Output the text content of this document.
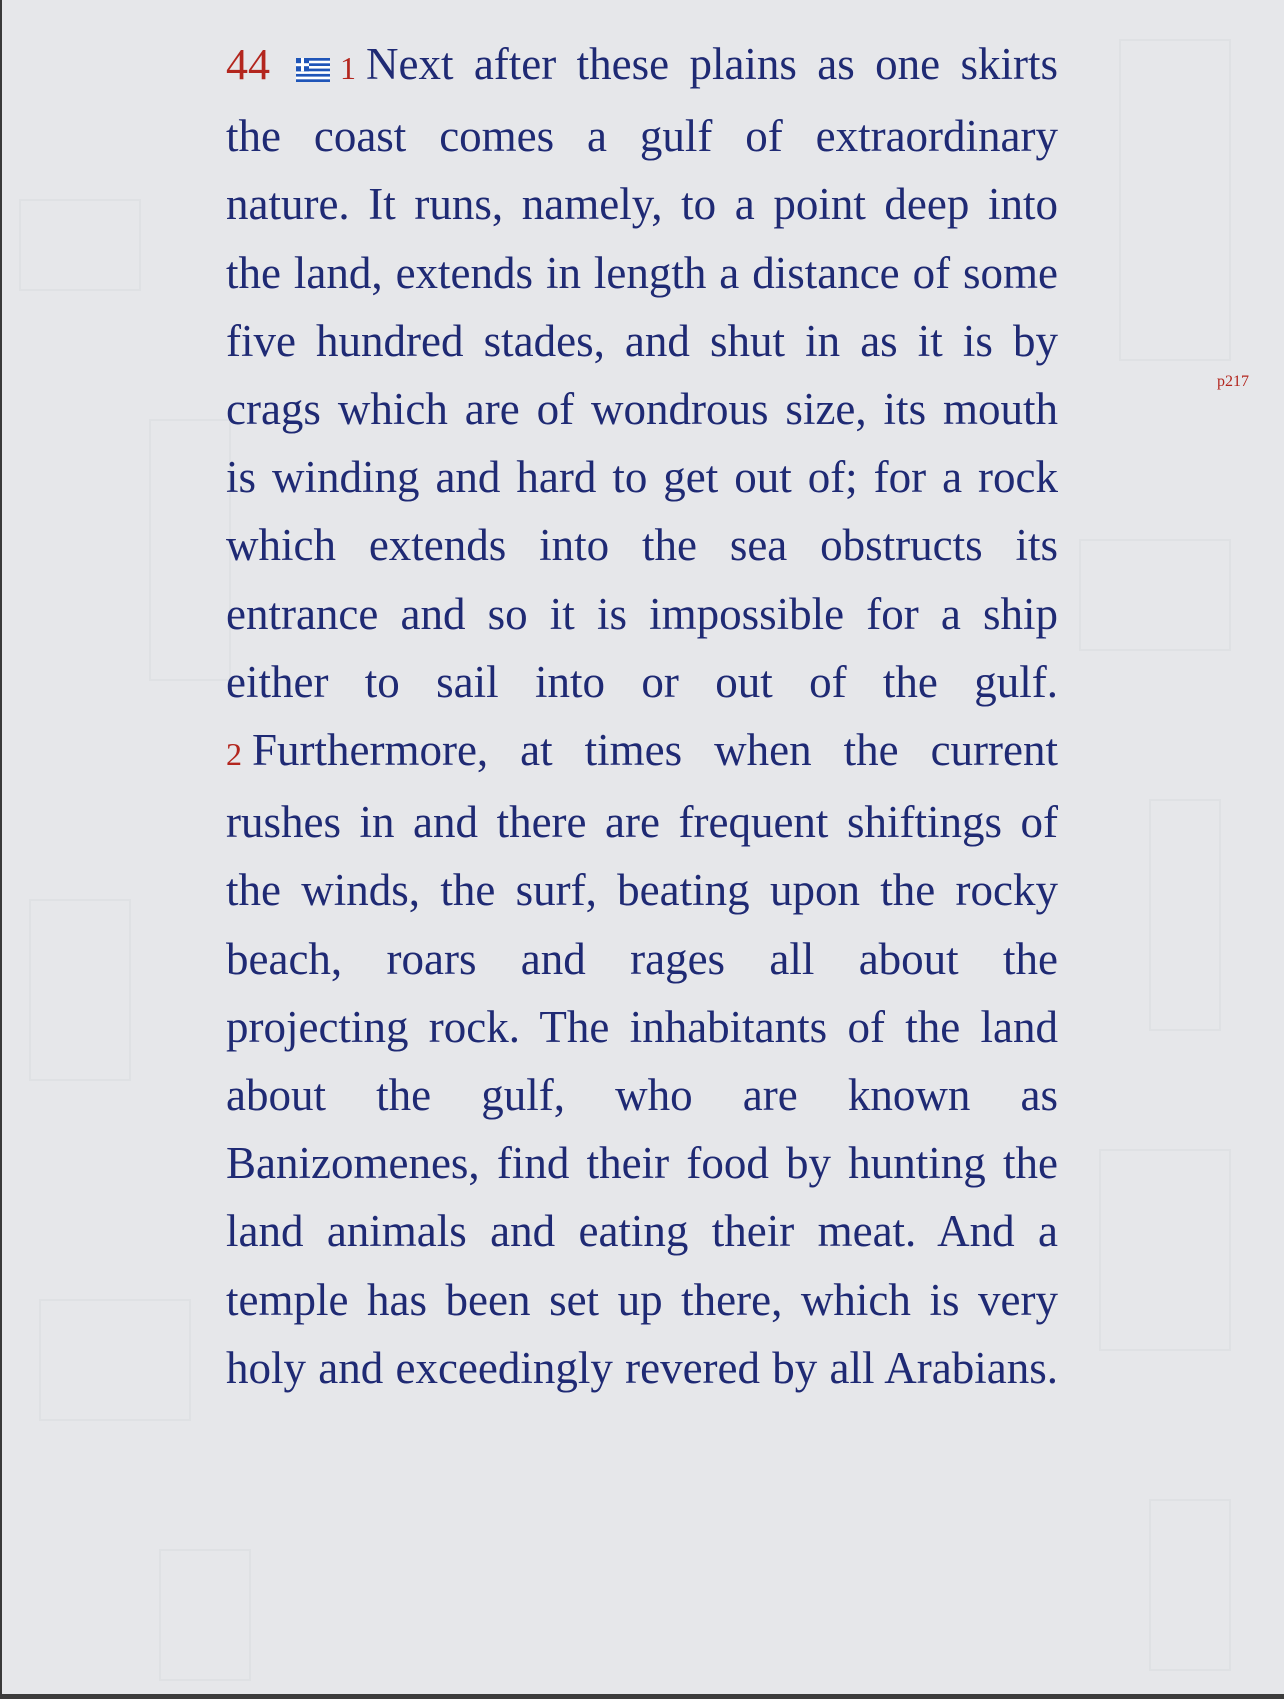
44 1 Next after these plains as one skirts the coast comes a gulf of extraordinary nature. It runs, namely, to a point deep into the land, extends in length a distance of some five hundred stades, and shut in as it is by crags which are of wondrous size, its mouth is winding and hard to get out of; for a rock which extends into the sea obstructs its entrance and so it is impossible for a ship either to sail into or out of the gulf. 2 Furthermore, at times when the current rushes in and there are frequent shiftings of the winds, the surf, beating upon the rocky beach, roars and rages all about the projecting rock. The inhabitants of the land about the gulf, who are known as Banizomenes, find their food by hunting the land animals and eating their meat. And a temple has been set up there, which is very holy and exceedingly revered by all Arabians.
p217
